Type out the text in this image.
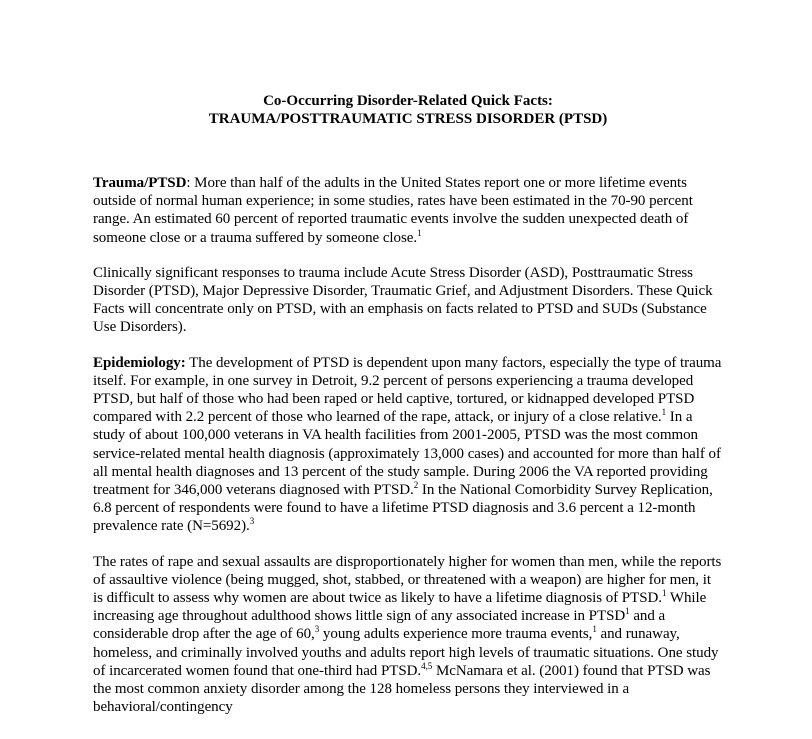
Co-Occurring Disorder-Related Quick Facts:
TRAUMA/POSTTRAUMATIC STRESS DISORDER (PTSD)

Trauma/PTSD: More than half of the adults in the United States report one or more lifetime events outside of normal human experience; in some studies, rates have been estimated in the 70-90 percent range. An estimated 60 percent of reported traumatic events involve the sudden unexpected death of someone close or a trauma suffered by someone close.$^1$

Clinically significant responses to trauma include Acute Stress Disorder (ASD), Posttraumatic Stress Disorder (PTSD), Major Depressive Disorder, Traumatic Grief, and Adjustment Disorders. These Quick Facts will concentrate only on PTSD, with an emphasis on facts related to PTSD and SUDs (Substance Use Disorders).

Epidemiology: The development of PTSD is dependent upon many factors, especially the type of trauma itself. For example, in one survey in Detroit, 9.2 percent of persons experiencing a trauma developed PTSD, but half of those who had been raped or held captive, tortured, or kidnapped developed PTSD compared with 2.2 percent of those who learned of the rape, attack, or injury of a close relative.$^1$ In a study of about 100,000 veterans in VA health facilities from 2001-2005, PTSD was the most common service-related mental health diagnosis (approximately 13,000 cases) and accounted for more than half of all mental health diagnoses and 13 percent of the study sample. During 2006 the VA reported providing treatment for 346,000 veterans diagnosed with PTSD.$^2$ In the National Comorbidity Survey Replication, 6.8 percent of respondents were found to have a lifetime PTSD diagnosis and 3.6 percent a 12-month prevalence rate (N=5692).$^3$

The rates of rape and sexual assaults are disproportionately higher for women than men, while the reports of assaultive violence (being mugged, shot, stabbed, or threatened with a weapon) are higher for men, it is difficult to assess why women are about twice as likely to have a lifetime diagnosis of PTSD.$^1$ While increasing age throughout adulthood shows little sign of any associated increase in PTSD$^1$ and a considerable drop after the age of 60,$^3$ young adults experience more trauma events,$^1$ and runaway, homeless, and criminally involved youths and adults report high levels of traumatic situations. One study of incarcerated women found that one-third had PTSD.$^{4,5}$ McNamara et al. (2001) found that PTSD was the most common anxiety disorder among the 128 homeless persons they interviewed in a behavioral/contingency
